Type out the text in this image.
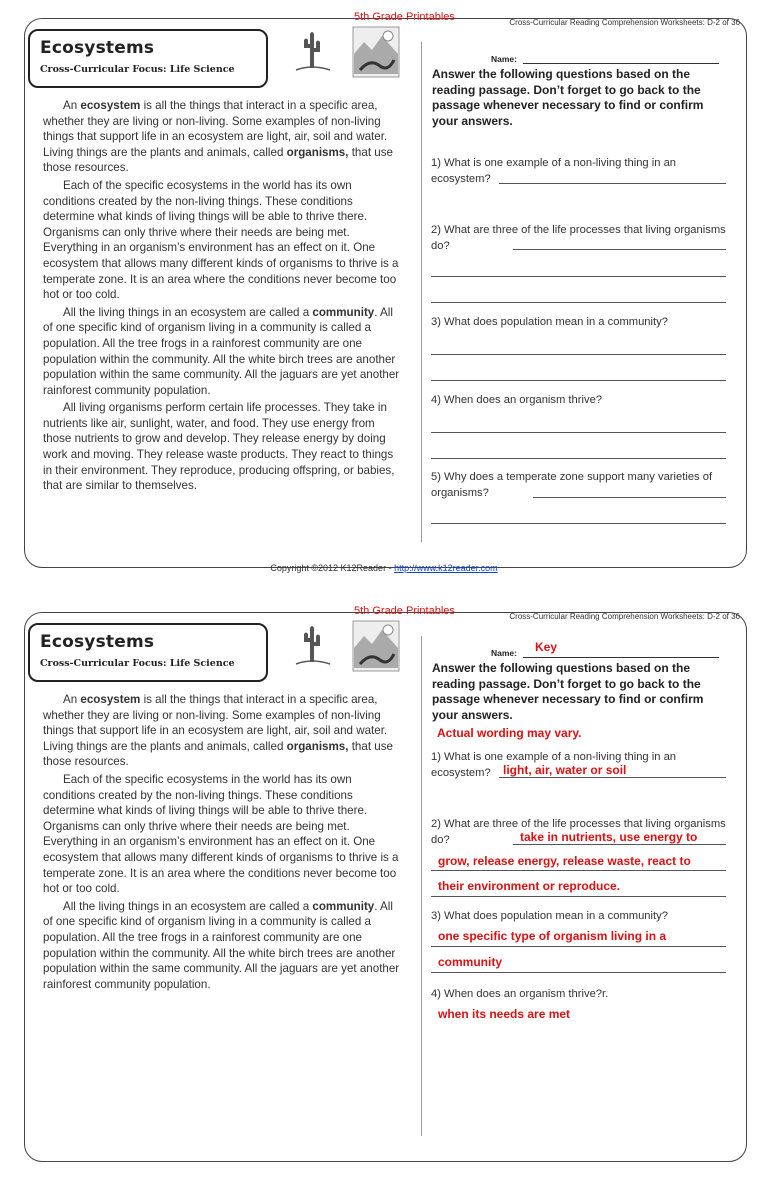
5th Grade Printables	Cross-Curricular Reading Comprehension Worksheets: D-2 of 36
Ecosystems
Cross-Curricular Focus: Life Science

An ecosystem is all the things that interact in a specific area, whether they are living or non-living. Some examples of non-living things that support life in an ecosystem are light, air, soil and water. Living things are the plants and animals, called organisms, that use those resources.

Each of the specific ecosystems in the world has its own conditions created by the non-living things. These conditions determine what kinds of living things will be able to thrive there. Organisms can only thrive where their needs are being met. Everything in an organism’s environment has an effect on it. One ecosystem that allows many different kinds of organisms to thrive is a temperate zone. It is an area where the conditions never become too hot or too cold.

All the living things in an ecosystem are called a community. All of one specific kind of organism living in a community is called a population. All the tree frogs in a rainforest community are one population within the community. All the white birch trees are another population within the same community. All the jaguars are yet another rainforest community population.

All living organisms perform certain life processes. They take in nutrients like air, sunlight, water, and food. They use energy from those nutrients to grow and develop. They release energy by doing work and moving. They release waste products. They react to things in their environment. They reproduce, producing offspring, or babies, that are similar to themselves.

Name:
Answer the following questions based on the reading passage. Don’t forget to go back to the passage whenever necessary to find or confirm your answers.
1) What is one example of a non-living thing in an ecosystem?
2) What are three of the life processes that living organisms do?
3) What does population mean in a community?
4) When does an organism thrive?
5) Why does a temperate zone support many varieties of organisms?
Copyright ©2012 K12Reader - http://www.k12reader.com
5th Grade Printables	Cross-Curricular Reading Comprehension Worksheets: D-2 of 36
Ecosystems
Cross-Curricular Focus: Life Science

An ecosystem is all the things that interact in a specific area, whether they are living or non-living. Some examples of non-living things that support life in an ecosystem are light, air, soil and water. Living things are the plants and animals, called organisms, that use those resources.

Each of the specific ecosystems in the world has its own conditions created by the non-living things. These conditions determine what kinds of living things will be able to thrive there. Organisms can only thrive where their needs are being met. Everything in an organism’s environment has an effect on it. One ecosystem that allows many different kinds of organisms to thrive is a temperate zone. It is an area where the conditions never become too hot or too cold.

All the living things in an ecosystem are called a community. All of one specific kind of organism living in a community is called a population. All the tree frogs in a rainforest community are one population within the community. All the white birch trees are another population within the same community. All the jaguars are yet another rainforest community population.

Name: Key
Answer the following questions based on the reading passage. Don’t forget to go back to the passage whenever necessary to find or confirm your answers.
Actual wording may vary.
1) What is one example of a non-living thing in an ecosystem?	light, air, water or soil
2) What are three of the life processes that living organisms do?	take in nutrients, use energy to
grow, release energy, release waste, react to
their environment or reproduce.
3) What does population mean in a community?
one specific type of organism living in a
community
4) When does an organism thrive?r.
when its needs are met
